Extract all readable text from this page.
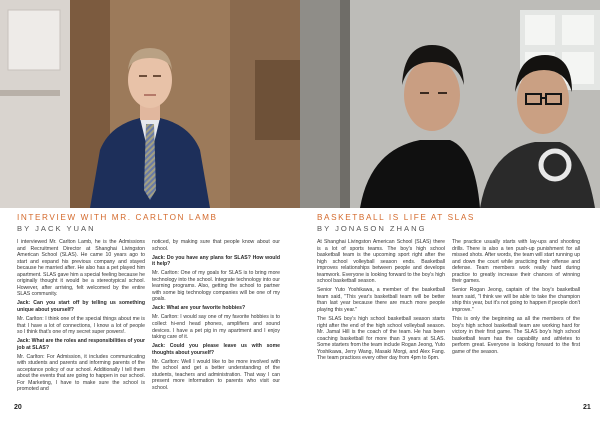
INTERVIEW WITH MR. CARLTON LAMB
BY JACK YUAN

I interviewed Mr. Carlton Lamb, he is the Admissions and Recruitment Director at Shanghai Livingston American School (SLAS). He came 10 years ago to start and expand his previous company and stayed because he married after. He also has a pet played him apartment. SLAS gave him a special feeling because he originally thought it would be a stereotypical school. However, after arriving, felt welcomed by the entire SLAS community.

Jack: Can you start off by telling us something unique about yourself?

Mr. Carlton: I think one of the special things about me is that I have a lot of connections, I know a lot of people so I think that's one of my secret super powers!.

Jack: What are the roles and responsibilities of your job at SLAS?

Mr. Carlton: For Admission, it includes communicating with students and parents and informing parents of the acceptance policy of our school. Additionally I tell them about the events that are going to happen in our school. For Marketing, I have to make sure the school is promoted and

noticed, by making sure that people know about our school.

Jack: Do you have any plans for SLAS? How would it help?

Mr. Carlton: One of my goals for SLAS is to bring more technology into the school. Integrate technology into our learning programs. Also, getting the school to partner with some big technology companies will be one of my goals.

Jack: What are your favorite hobbies?

Mr. Carlton: I would say one of my favorite hobbies is to collect hi-end head phones, amplifiers and sound devices. I have a pet pig in my apartment and I enjoy taking care of it.

Jack: Could you please leave us with some thoughts about yourself?

Mr. Carlton: Well I would like to be more involved with the school and get a better understanding of the students, teachers and administration. That way I can present more information to parents who visit our school.

20
BASKETBALL IS LIFE AT SLAS
BY JONASON ZHANG

At Shanghai Livingston American School (SLAS) there is a lot of sports teams. The boy's high school basketball team is the upcoming sport right after the high school volleyball season ends. Basketball improves relationships between people and develops teamwork. Everyone is looking forward to the boy's high school basketball season.

Senior Yuto Yoshikawa, a member of the basketball team said, "This year's basketball team will be better than last year because there are much more people playing this year."

The SLAS boy's high school basketball season starts right after the end of the high school volleyball season. Mr. Jamal Hill is the coach of the team. He has been coaching basketball for more than 3 years at SLAS. Some starters from the team include Rogan Jeong, Yuto Yoshikawa, Jerry Wang, Masaki Morgi, and Alex Fang. The team practices every other day from 4pm to 6pm.

The practice usually starts with lay-ups and shooting drills. There is also a ten push-up punishment for all missed shots. After words, the team will start running up and down the court while practicing their offense and defense. Team members work really hard during practice to greatly increase their chances of winning their games.

Senior Rogan Jeong, captain of the boy's basketball team said, "I think we will be able to take the champion ship this year, but it's not going to happen if people don't improve."

This is only the beginning as all the members of the boy's high school basketball team are working hard for victory in their first game. The SLAS boy's high school basketball team has the capability and athletes to perform great. Everyone is looking forward to the first game of the season.

21
